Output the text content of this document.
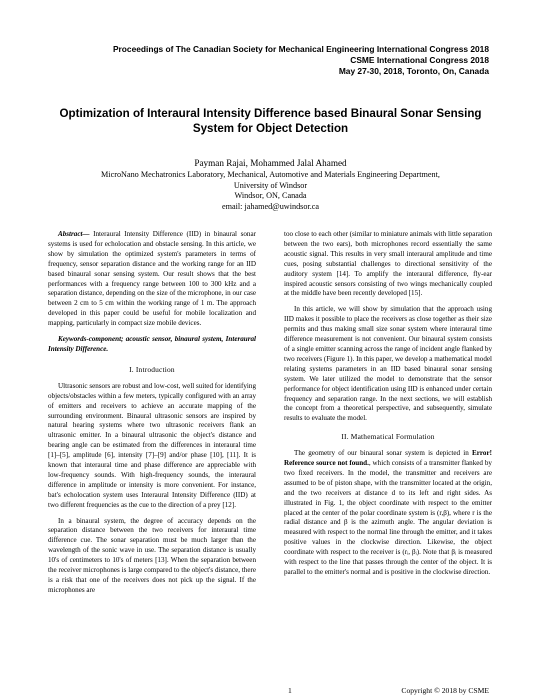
Proceedings of The Canadian Society for Mechanical Engineering International Congress 2018
CSME International Congress 2018
May 27-30, 2018, Toronto, On, Canada
Optimization of Interaural Intensity Difference based Binaural Sonar Sensing System for Object Detection
Payman Rajai, Mohammed Jalal Ahamed
MicroNano Mechatronics Laboratory, Mechanical, Automotive and Materials Engineering Department,
University of Windsor
Windsor, ON, Canada
email: jahamed@uwindsor.ca

Abstract— Interaural Intensity Difference (IID) in binaural sonar systems is used for echolocation and obstacle sensing. In this article, we show by simulation the optimized system's parameters in terms of frequency, sensor separation distance and the working range for an IID based binaural sonar sensing system. Our result shows that the best performances with a frequency range between 100 to 300 kHz and a separation distance, depending on the size of the microphone, in our case between 2 cm to 5 cm within the working range of 1 m. The approach developed in this paper could be useful for mobile localization and mapping, particularly in compact size mobile devices.

Keywords-component; acoustic sensor, binaural system, Interaural Intensity Difference.

I. Introduction

Ultrasonic sensors are robust and low-cost, well suited for identifying objects/obstacles within a few meters, typically configured with an array of emitters and receivers to achieve an accurate mapping of the surrounding environment. Binaural ultrasonic sensors are inspired by natural hearing systems where two ultrasonic receivers flank an ultrasonic emitter. In a binaural ultrasonic the object's distance and bearing angle can be estimated from the differences in interaural time [1]–[5], amplitude [6], intensity [7]–[9] and/or phase [10], [11]. It is known that interaural time and phase difference are appreciable with low-frequency sounds. With high-frequency sounds, the interaural difference in amplitude or intensity is more convenient. For instance, bat's echolocation system uses Interaural Intensity Difference (IID) at two different frequencies as the cue to the direction of a prey [12].

In a binaural system, the degree of accuracy depends on the separation distance between the two receivers for interaural time difference cue. The sonar separation must be much larger than the wavelength of the sonic wave in use. The separation distance is usually 10's of centimeters to 10's of meters [13]. When the separation between the receiver microphones is large compared to the object's distance, there is a risk that one of the receivers does not pick up the signal. If the microphones are

too close to each other (similar to miniature animals with little separation between the two ears), both microphones record essentially the same acoustic signal. This results in very small interaural amplitude and time cues, posing substantial challenges to directional sensitivity of the auditory system [14]. To amplify the interaural difference, fly-ear inspired acoustic sensors consisting of two wings mechanically coupled at the middle have been recently developed [15].

In this article, we will show by simulation that the approach using IID makes it possible to place the receivers as close together as their size permits and thus making small size sonar system where interaural time difference measurement is not convenient. Our binaural system consists of a single emitter scanning across the range of incident angle flanked by two receivers (Figure 1). In this paper, we develop a mathematical model relating systems parameters in an IID based binaural sonar sensing system. We later utilized the model to demonstrate that the sensor performance for object identification using IID is enhanced under certain frequency and separation range. In the next sections, we will establish the concept from a theoretical perspective, and subsequently, simulate results to evaluate the model.

II. Mathematical Formulation

The geometry of our binaural sonar system is depicted in Error! Reference source not found., which consists of a transmitter flanked by two fixed receivers. In the model, the transmitter and receivers are assumed to be of piston shape, with the transmitter located at the origin, and the two receivers at distance d to its left and right sides. As illustrated in Fig. 1, the object coordinate with respect to the emitter placed at the center of the polar coordinate system is (r,β), where r is the radial distance and β is the azimuth angle. The angular deviation is measured with respect to the normal line through the emitter, and it takes positive values in the clockwise direction. Likewise, the object coordinate with respect to the receiver is (rᵢ, βᵢ). Note that βᵢ is measured with respect to the line that passes through the center of the object. It is parallel to the emitter's normal and is positive in the clockwise direction.

1	Copyright © 2018 by CSME
